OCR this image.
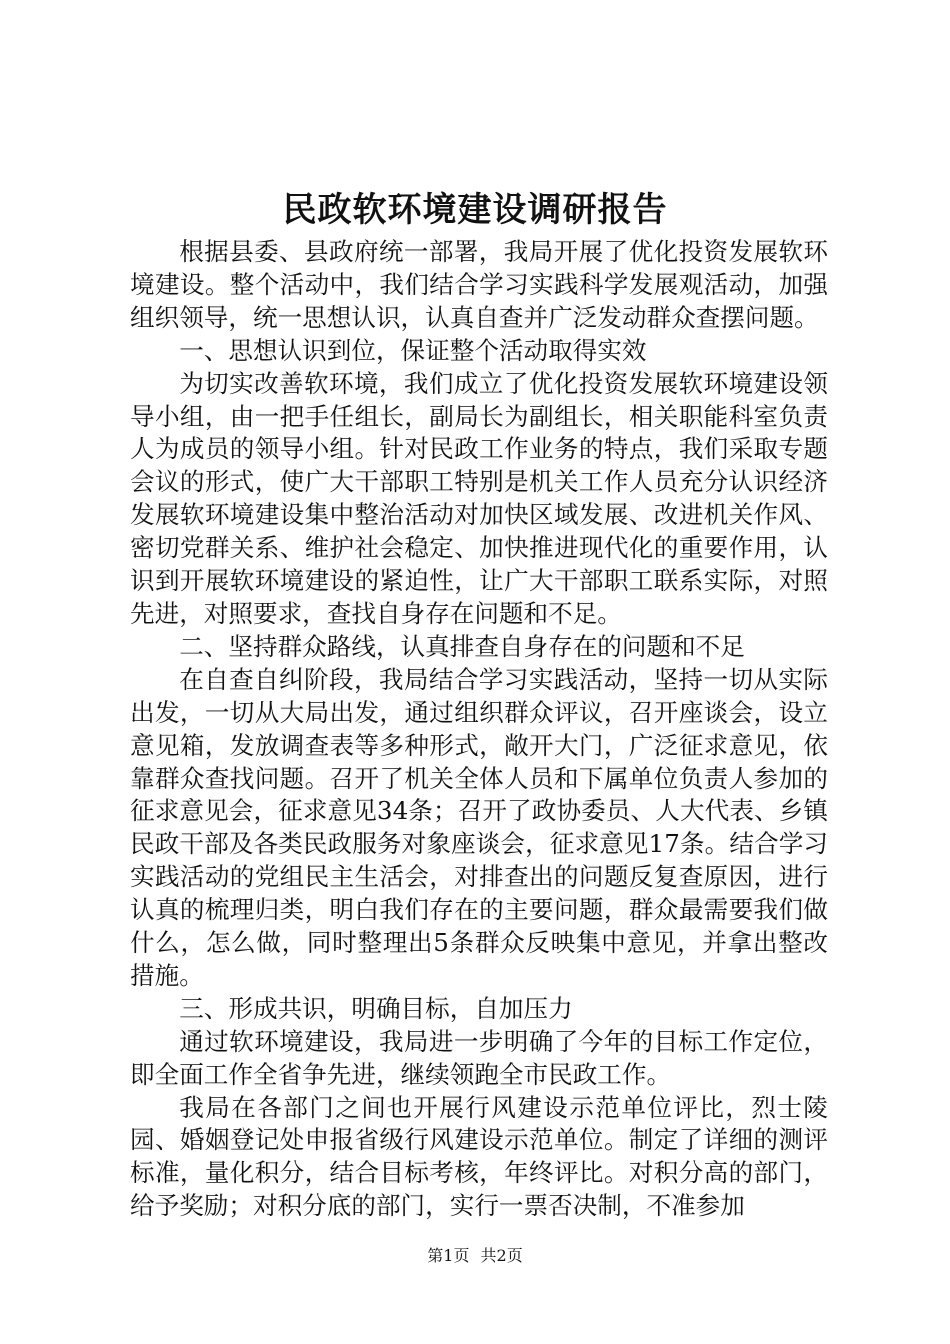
民政软环境建设调研报告

根据县委、县政府统一部署，我局开展了优化投资发展软环境建设。整个活动中，我们结合学习实践科学发展观活动，加强组织领导，统一思想认识，认真自查并广泛发动群众查摆问题。

一、思想认识到位，保证整个活动取得实效

为切实改善软环境，我们成立了优化投资发展软环境建设领导小组，由一把手任组长，副局长为副组长，相关职能科室负责人为成员的领导小组。针对民政工作业务的特点，我们采取专题会议的形式，使广大干部职工特别是机关工作人员充分认识经济发展软环境建设集中整治活动对加快区域发展、改进机关作风、密切党群关系、维护社会稳定、加快推进现代化的重要作用，认识到开展软环境建设的紧迫性，让广大干部职工联系实际，对照先进，对照要求，查找自身存在问题和不足。

二、坚持群众路线，认真排查自身存在的问题和不足

在自查自纠阶段，我局结合学习实践活动，坚持一切从实际出发，一切从大局出发，通过组织群众评议，召开座谈会，设立意见箱，发放调查表等多种形式，敞开大门，广泛征求意见，依靠群众查找问题。召开了机关全体人员和下属单位负责人参加的征求意见会，征求意见34条；召开了政协委员、人大代表、乡镇民政干部及各类民政服务对象座谈会，征求意见17条。结合学习实践活动的党组民主生活会，对排查出的问题反复查原因，进行认真的梳理归类，明白我们存在的主要问题，群众最需要我们做什么，怎么做，同时整理出5条群众反映集中意见，并拿出整改措施。

三、形成共识，明确目标，自加压力

通过软环境建设，我局进一步明确了今年的目标工作定位，即全面工作全省争先进，继续领跑全市民政工作。

我局在各部门之间也开展行风建设示范单位评比，烈士陵园、婚姻登记处申报省级行风建设示范单位。制定了详细的测评标准，量化积分，结合目标考核，年终评比。对积分高的部门，给予奖励；对积分底的部门，实行一票否决制，不准参加

第1页 共2页
